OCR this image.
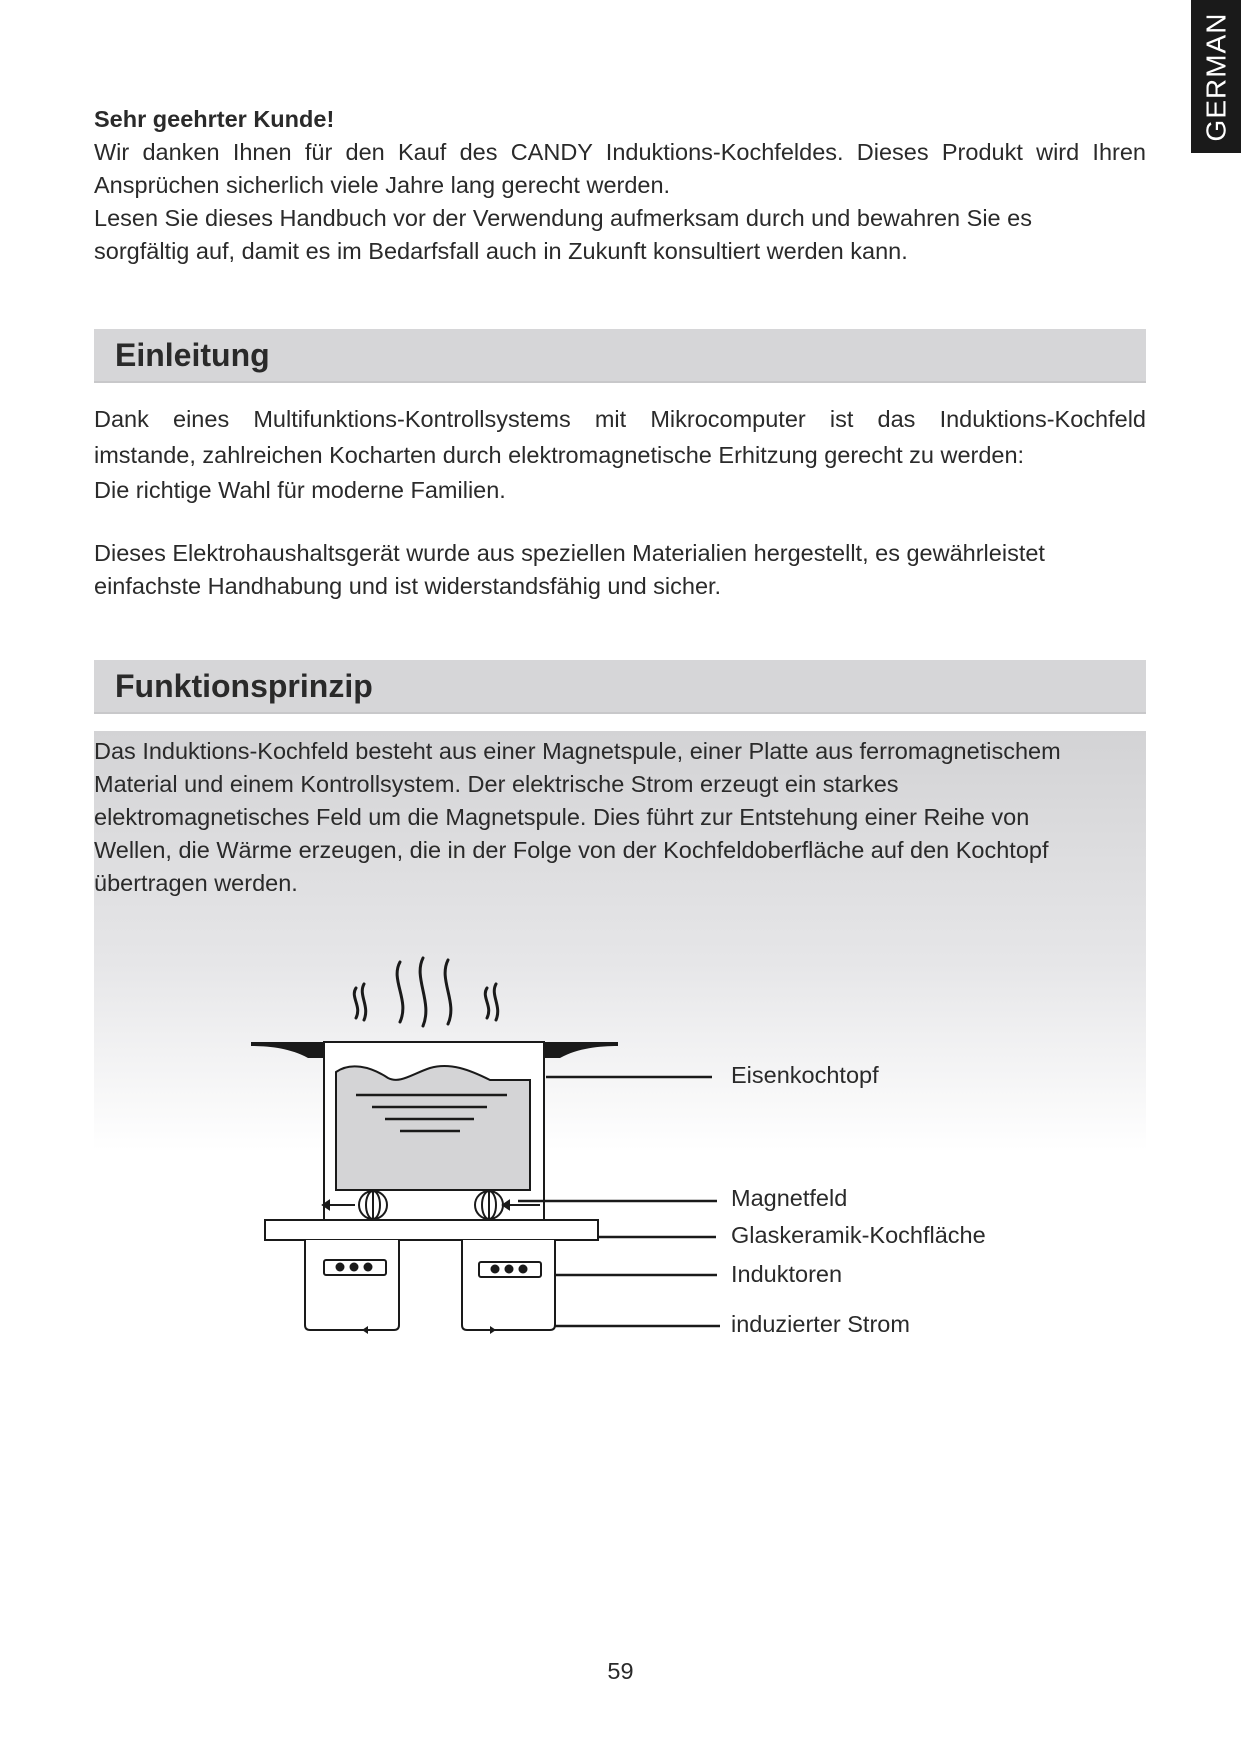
GERMAN
Sehr geehrter Kunde!
Wir danken Ihnen für den Kauf des CANDY Induktions-Kochfeldes. Dieses Produkt wird Ihren
Ansprüchen sicherlich viele Jahre lang gerecht werden.
Lesen Sie dieses Handbuch vor der Verwendung aufmerksam durch und bewahren Sie es
sorgfältig auf, damit es im Bedarfsfall auch in Zukunft konsultiert werden kann.
Einleitung
Dank eines Multifunktions-Kontrollsystems mit Mikrocomputer ist das Induktions-Kochfeld
imstande, zahlreichen Kocharten durch elektromagnetische Erhitzung gerecht zu werden:
Die richtige Wahl für moderne Familien.
Dieses Elektrohaushaltsgerät wurde aus speziellen Materialien hergestellt, es gewährleistet
einfachste Handhabung und ist widerstandsfähig und sicher.
Funktionsprinzip
Das Induktions-Kochfeld besteht aus einer Magnetspule, einer Platte aus ferromagnetischem
Material und einem Kontrollsystem. Der elektrische Strom erzeugt ein starkes
elektromagnetisches Feld um die Magnetspule. Dies führt zur Entstehung einer Reihe von
Wellen, die Wärme erzeugen, die in der Folge von der Kochfeldoberfläche auf den Kochtopf
übertragen werden.
Eisenkochtopf
Magnetfeld
Glaskeramik-Kochfläche
Induktoren
induzierter Strom
59
